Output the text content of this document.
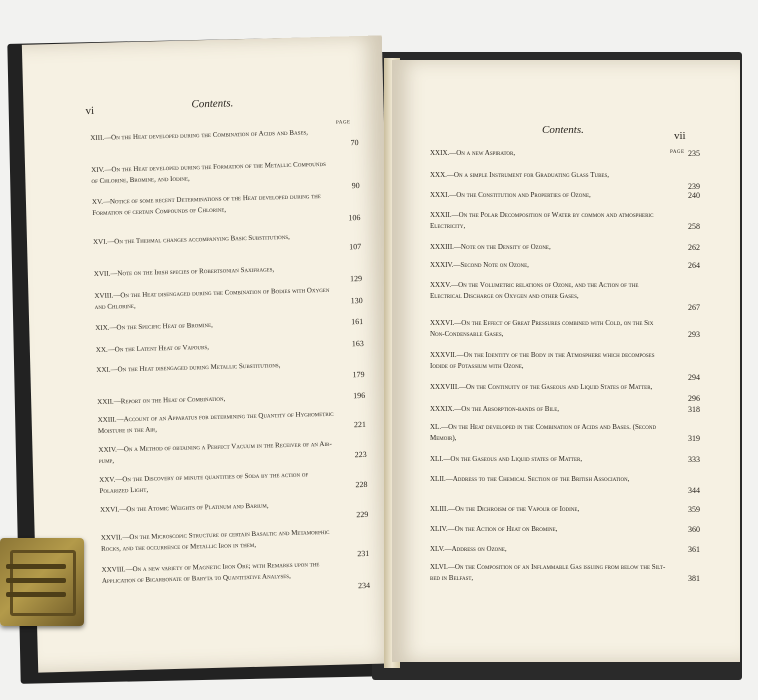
vi
Contents.
PAGE
XIII.—On the Heat developed during the Combination of Acids and Bases,
70
XIV.—On the Heat developed during the Formation of the Metallic Compounds of Chlorine, Bromine, and Iodine,
90
XV.—Notice of some recent Determinations of the Heat developed during the Formation of certain Compounds of Chlorine,
106
XVI.—On the Thermal changes accompanying Basic Substitutions,
107
XVII.—Note on the Irish species of Robertsonian Saxifrages,
129
XVIII.—On the Heat disengaged during the Combination of Bodies with Oxygen and Chlorine,
130
XIX.—On the Specific Heat of Bromine,	161
XX.—On the Latent Heat of Vapours,	163
XXI.—On the Heat disengaged during Metallic Substitutions,
179
XXII.—Report on the Heat of Combination,	196
XXIII.—Account of an Apparatus for determining the Quantity of Hygrometric Moisture in the Air,
221
XXIV.—On a Method of obtaining a Perfect Vacuum in the Receiver of an Air-pump,
223
XXV.—On the Discovery of minute quantities of Soda by the action of Polarized Light,
228
XXVI.—On the Atomic Weights of Platinum and Barium,
229
XXVII.—On the Microscopic Structure of certain Basaltic and Metamorphic Rocks, and the occurrence of Metallic Iron in them,
231
XXVIII.—On a new variety of Magnetic Iron Ore; with Remarks upon the Application of Bicarbonate of Baryta to Quantitative Analyses,
234
vii
Contents.
PAGE
XXIX.—On a new Aspirator,	235
XXX.—On a simple Instrument for Graduating Glass Tubes,
239
XXXI.—On the Constitution and Properties of Ozone,	240
XXXII.—On the Polar Decomposition of Water by common and atmospheric Electricity,	258
XXXIII.—Note on the Density of Ozone,	262
XXXIV.—Second Note on Ozone,	264
XXXV.—On the Volumetric relations of Ozone, and the Action of the Electrical Discharge on Oxygen and other Gases,
267
XXXVI.—On the Effect of Great Pressures combined with Cold, on the Six Non-Condensable Gases,	293
XXXVII.—On the Identity of the Body in the Atmosphere which decomposes Iodide of Potassium with Ozone,
294
XXXVIII.—On the Continuity of the Gaseous and Liquid States of Matter,
296
XXXIX.—On the Absorption-bands of Bile,	318
XL.—On the Heat developed in the Combination of Acids and Bases. (Second Memoir),	319
XLI.—On the Gaseous and Liquid states of Matter,	333
XLII.—Address to the Chemical Section of the British Association,
344
XLIII.—On the Dichroism of the Vapour of Iodine,	359
XLIV.—On the Action of Heat on Bromine,	360
XLV.—Address on Ozone,	361
XLVI.—On the Composition of an Inflammable Gas issuing from below the Silt-bed in Belfast,	381
